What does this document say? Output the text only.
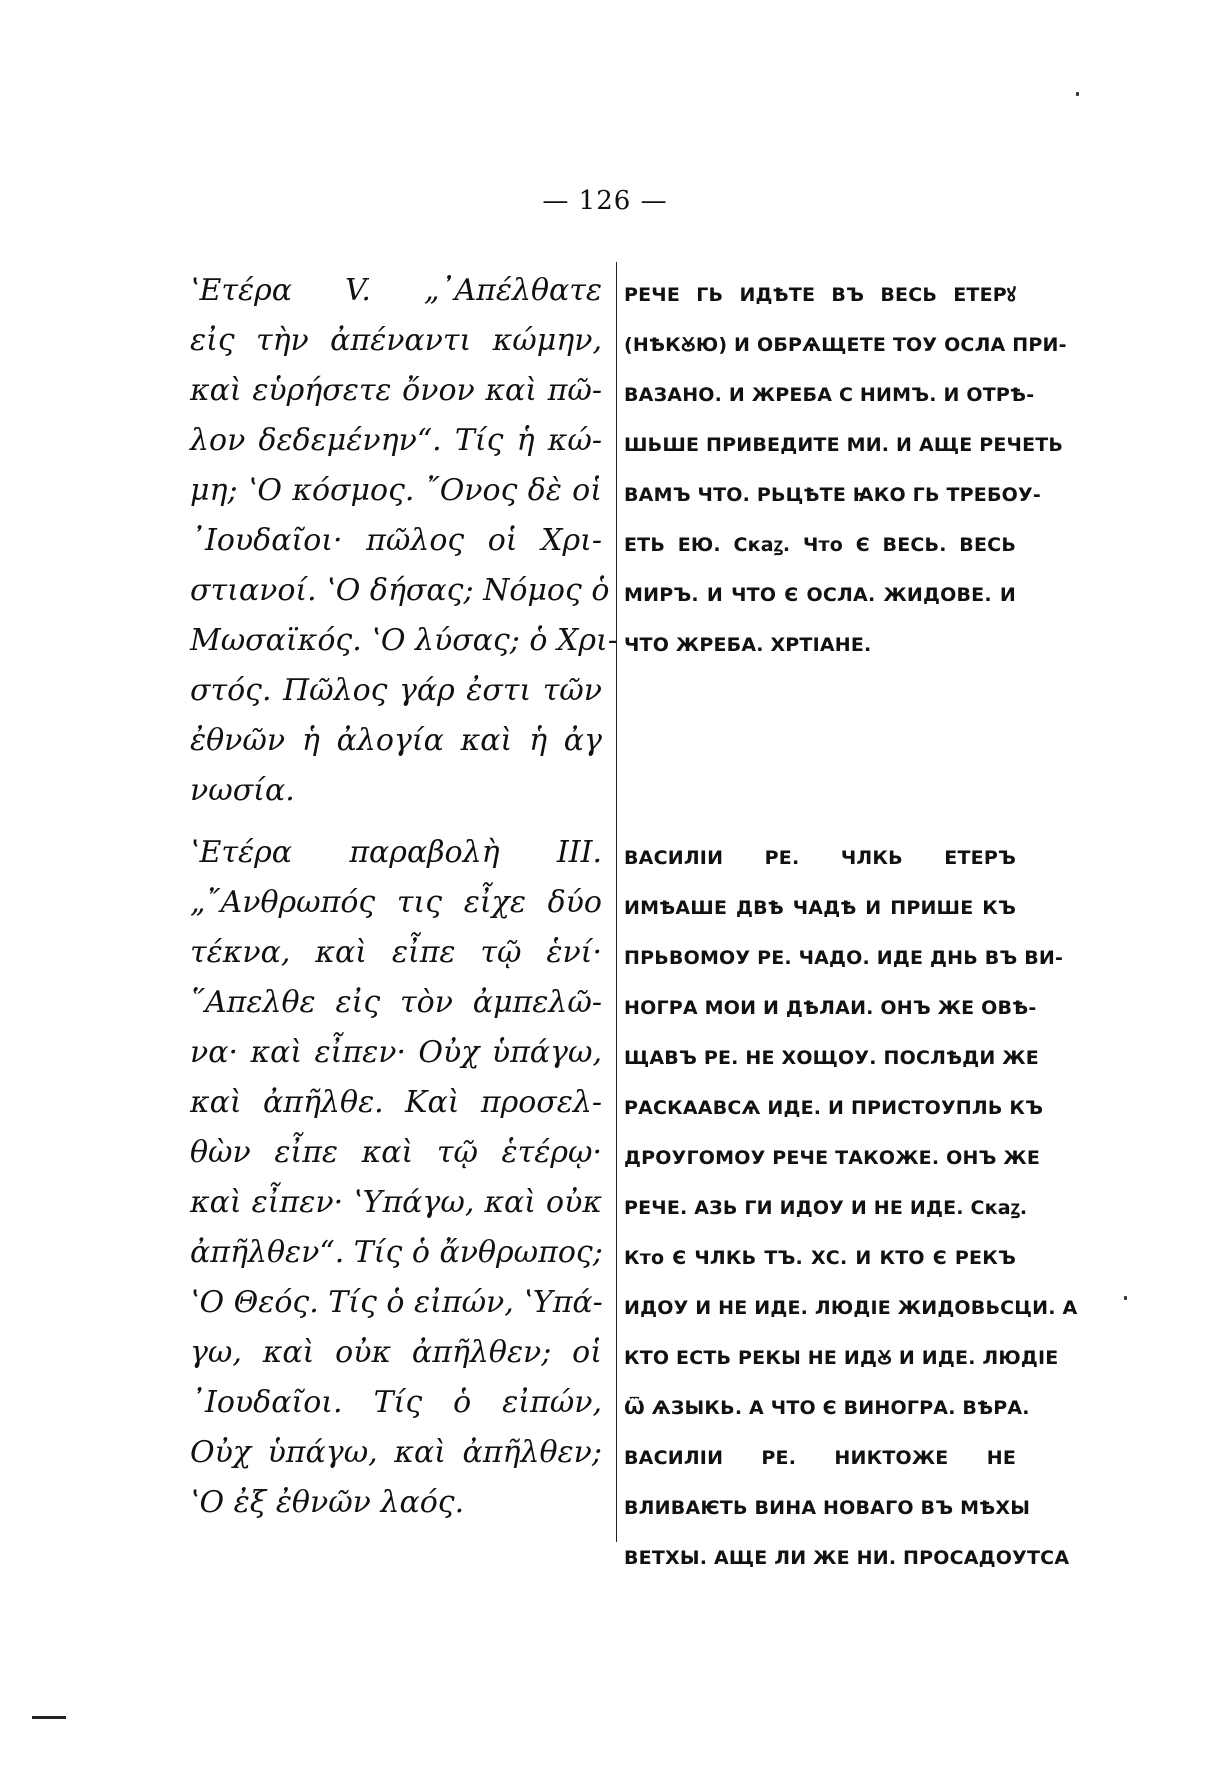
— 126 —
ʽΕτέρα V. „᾿Απέλθατε
εἰς τὴν ἀπέναντι κώμην,
καὶ εὑρήσετε ὄνον καὶ πῶ-
λον δεδεμένην“. Τίς ἡ κώ-
μη; ʽΟ κόσμος. ῎Ονος δὲ οἱ
᾿Ιουδαῖοι· πῶλος οἱ Χρι-
στιανοί. ʽΟ δήσας; Νόμος ὁ
Μωσαϊκός. ʽΟ λύσας; ὁ Χρι-
στός. Πῶλος γάρ ἐστι τῶν
ἐθνῶν ἡ ἀλογία καὶ ἡ ἀγ
νωσία.
ʽΕτέρα παραβολὴ III.
„῎Ανθρωπός τις εἶχε δύο
τέκνα, καὶ εἶπε τῷ ἑνί·
῞Απελθε εἰς τὸν ἀμπελῶ-
να· καὶ εἶπεν· Οὐχ ὑπάγω,
καὶ ἀπῆλθε. Καὶ προσελ-
θὼν εἶπε καὶ τῷ ἑτέρῳ·
καὶ εἶπεν· ʽΥπάγω, καὶ οὐκ
ἀπῆλθεν“. Τίς ὁ ἄνθρωπος;
ʽΟ Θεός. Τίς ὁ εἰπών, ʽΥπά-
γω, καὶ οὐκ ἀπῆλθεν; οἱ
᾿Ιουδαῖοι. Τίς ὁ εἰπών,
Οὐχ ὑπάγω, καὶ ἀπῆλθεν;
ʽΟ ἐξ ἐθνῶν λαός.
РЕЧЕ ГЬ ИДѢТЕ ВЪ ВЕСЬ ЕТЕРꙋ
(НѢКꙊЮ) И ОБРѦЩЕТЕ ТОУ ОСЛА ПРИ-
ВАЗАНО. И ЖРЕБА С НИМЪ. И ОТРѢ-
ШЬШЕ ПРИВЕДИТЕ МИ. И АЩЕ РЕЧЕТЬ
ВАМЪ ЧТО. РЬЦѢТЕ ꙖКО ГЬ ТРЕБОУ-
ЕТЬ ЕЮ. Скаꙁ. Что Є ВЕСЬ. ВЕСЬ
МИРЪ. И ЧТО Є ОСЛА. ЖИДОВЕ. И
ЧТО ЖРЕБА. ХРТІАНЕ.
ВАСИЛІИ РЕ. ЧЛКЬ ЕТЕРЪ
ИМѢАШЕ ДВѢ ЧАДѢ И ПРИШЕ КЪ
ПРЬВОМОУ РЕ. ЧАДО. ИДЕ ДНЬ ВЪ ВИ-
НОГРА МОИ И ДѢЛАИ. ОНЪ ЖЕ ОВѢ-
ЩАВЪ РЕ. НЕ ХОЩОУ. ПОСЛѢДИ ЖЕ
РАСКААВСѦ ИДЕ. И ПРИСТОУПЛЬ КЪ
ДРОУГОМОУ РЕЧЕ ТАКОЖЕ. ОНЪ ЖЕ
РЕЧЕ. АЗЬ ГИ ИДОУ И НЕ ИДЕ. Скаꙁ.
Кто Є ЧЛКЬ ТЪ. ХС. И КТО Є РЕКЪ
ИДОУ И НЕ ИДЕ. ЛЮДІЕ ЖИДОВЬСЦИ. А
КТО ЕСТЬ РЕКЫ НЕ ИДꙊ И ИДЕ. ЛЮДІЕ
Ѿ ѦЗЫКЬ. А ЧТО Є ВИНОГРА. ВѢРА.
ВАСИЛІИ РЕ. НИКТОЖЕ НЕ
ВЛИВАѤТЬ ВИНА НОВАГО ВЪ МѢХЫ
ВЕТХЫ. АЩЕ ЛИ ЖЕ НИ. ПРОСАДОУТСА
